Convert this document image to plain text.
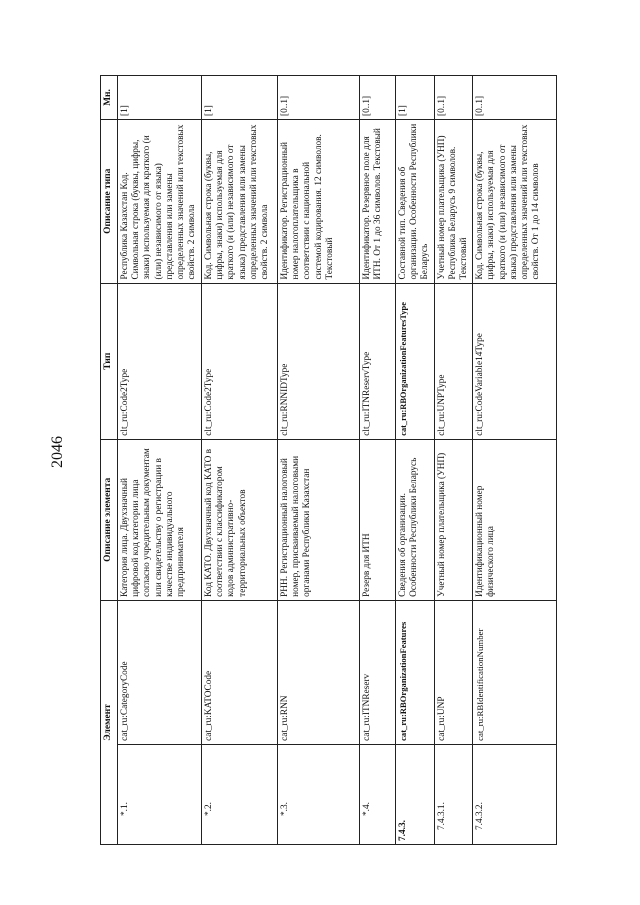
2046
Элемент		Описание элемента	Тип	Описание типа	Мн.
*.1.	cat_ru:CategoryCode	Категория лица. Двухзначный цифровой код категории лица согласно учредительным документам или свидетельству о регистрации в качестве индивидуального предпринимателя	clt_ru:Code2Type	Республика Казахстан Код. Символьная строка (буквы, цифры, знаки) используемая для краткого (и (или) независимого от языка) представления или замены определенных значений или текстовых свойств. 2 символа	[1]
*.2.	cat_ru:KATOCode	Код КАТО. Двухзначный код КАТО в соответствии с классификатором кодов административно-территориальных объектов	clt_ru:Code2Type	Код. Символьная строка (буквы, цифры, знаки) используемая для краткого (и (или) независимого от языка) представления или замены определенных значений или текстовых свойств. 2 символа	[1]
*.3.	cat_ru:RNN	РНН. Регистрационный налоговый номер, присваиваемый налоговыми органами Республики Казахстан	clt_ru:RNNIDType	Идентификатор. Регистрационный номер налогоплательщика в соответствии с национальной системой кодирования. 12 символов. Текстовый	[0..1]
*.4.	cat_ru:ITNReserv	Резерв для ИТН	clt_ru:ITNReservType	Идентификатор. Резервное поле для ИТН. От 1 до 36 символов. Текстовый	[0..1]
7.4.3.	cat_ru:RBOrganizationFeatures	Сведения об организации. Особенности Республики Беларусь	cat_ru:RBOrganizationFeaturesType	Составной тип. Сведения об организации. Особенности Республики Беларусь	[1]
7.4.3.1.	cat_ru:UNP	Учетный номер плательщика (УНП)	clt_ru:UNPType	Учетный номер плательщика (УНП) Республика Беларусь 9 символов. Текстовый	[0..1]
7.4.3.2.	cat_ru:RBIdentificationNumber	Идентификационный номер физического лица	clt_ru:CodeVariable14Type	Код. Символьная строка (буквы, цифры, знаки) используемая для краткого (и (или) независимого от языка) представления или замены определенных значений или текстовых свойств. От 1 до 14 символов	[0..1]
